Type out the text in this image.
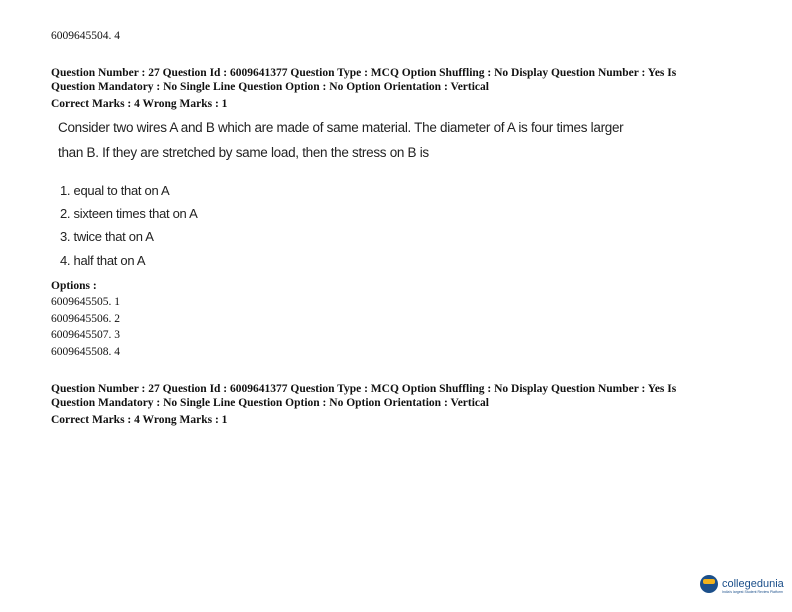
6009645504. 4
Question Number : 27 Question Id : 6009641377 Question Type : MCQ Option Shuffling : No Display Question Number : Yes Is
Question Mandatory : No Single Line Question Option : No Option Orientation : Vertical
Correct Marks : 4 Wrong Marks : 1
Consider two wires A and B which are made of same material. The diameter of A is four times larger
than B. If they are stretched by same load, then the stress on B is
1. equal to that on A
2. sixteen times that on A
3. twice that on A
4. half that on A
Options :
6009645505. 1
6009645506. 2
6009645507. 3
6009645508. 4
Question Number : 27 Question Id : 6009641377 Question Type : MCQ Option Shuffling : No Display Question Number : Yes Is
Question Mandatory : No Single Line Question Option : No Option Orientation : Vertical
Correct Marks : 4 Wrong Marks : 1
collegedunia
India's largest Student Review Platform
